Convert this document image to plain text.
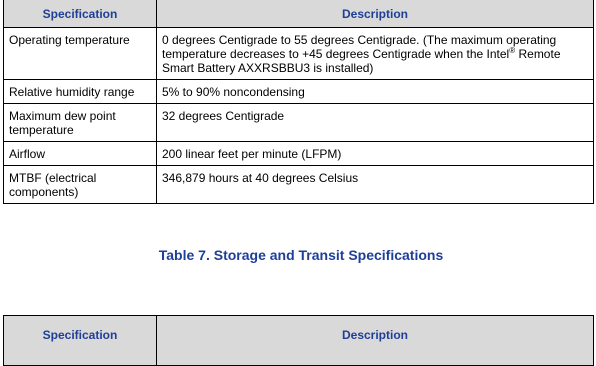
Specification	Description
Operating temperature	0 degrees Centigrade to 55 degrees Centigrade. (The maximum operating temperature decreases to +45 degrees Centigrade when the Intel® Remote Smart Battery AXXRSBBU3 is installed)
Relative humidity range	5% to 90% noncondensing
Maximum dew point temperature	32 degrees Centigrade
Airflow	200 linear feet per minute (LFPM)
MTBF (electrical components)	346,879 hours at 40 degrees Celsius
Table 7. Storage and Transit Specifications
Specification	Description
